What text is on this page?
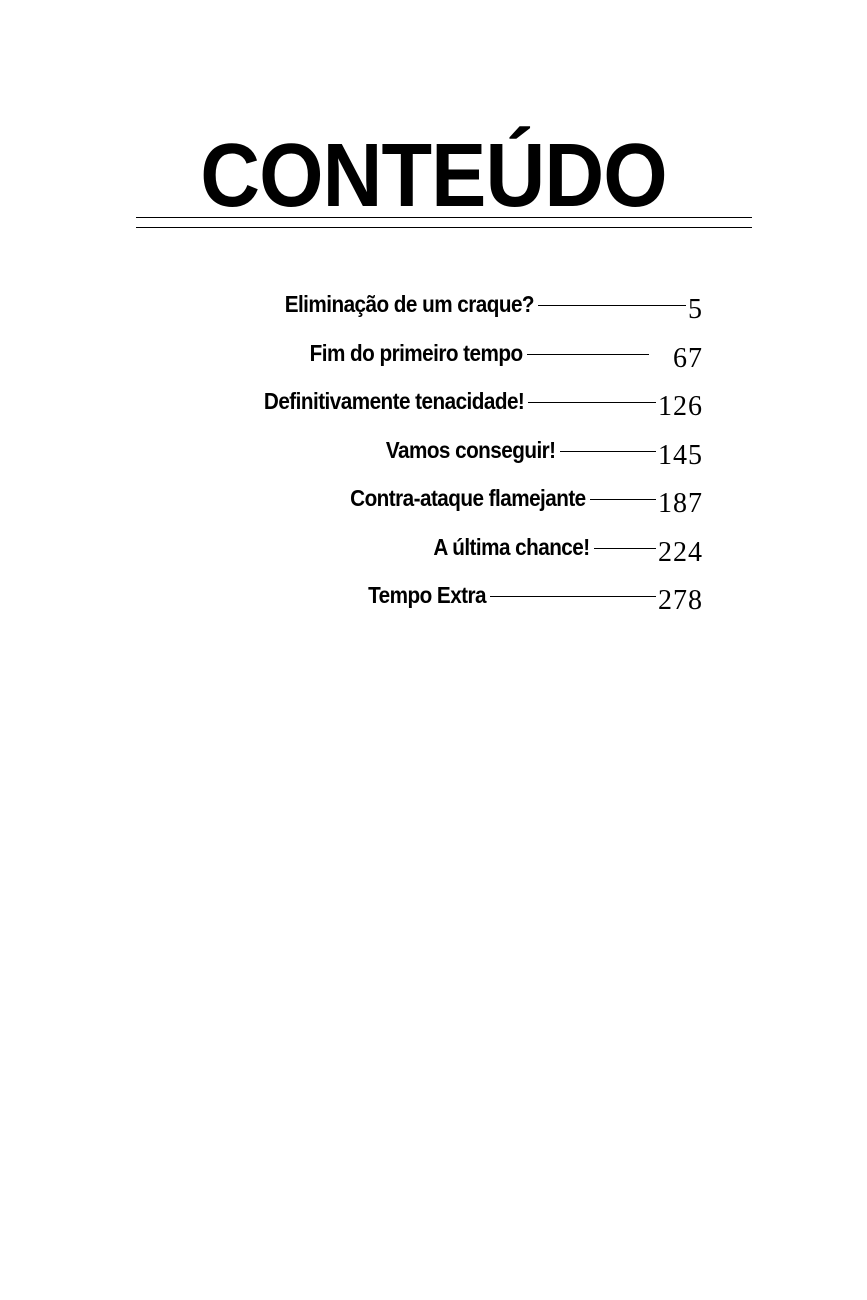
CONTEÚDO
Eliminação de um craque?	5
Fim do primeiro tempo	67
Definitivamente tenacidade!	126
Vamos conseguir!	145
Contra-ataque flamejante	187
A última chance! 224
Tempo Extra	278
